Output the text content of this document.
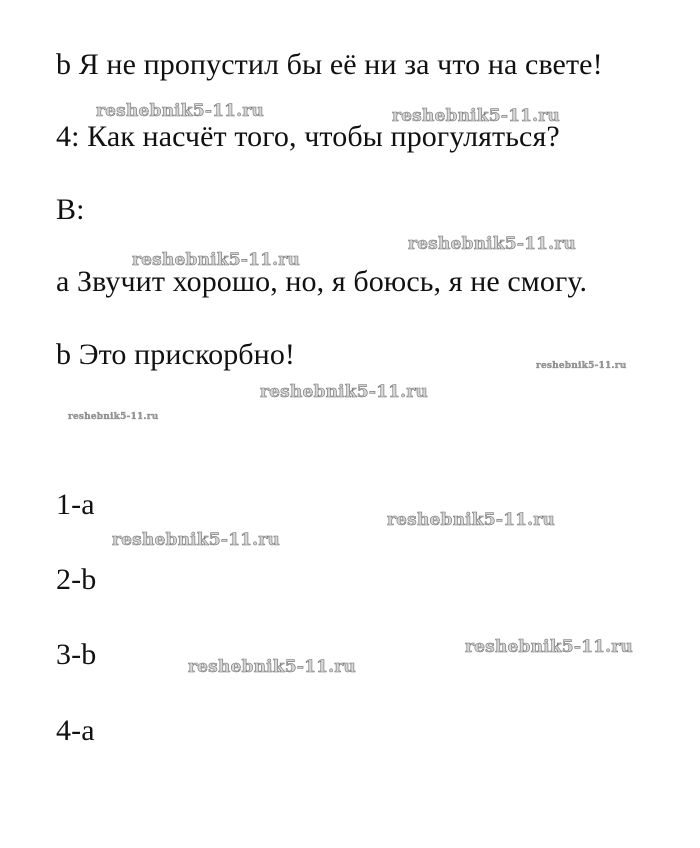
b Я не пропустил бы её ни за что на свете!
4: Как насчёт того, чтобы прогуляться?
B:
a Звучит хорошо, но, я боюсь, я не смогу.
b Это прискорбно!
1-a
2-b
3-b
4-a
reshebnik5-11.ru	reshebnik5-11.ru
reshebnik5-11.ru
reshebnik5-11.ru
reshebnik5-11.ru
reshebnik5-11.ru
reshebnik5-11.ru
reshebnik5-11.ru
reshebnik5-11.ru
reshebnik5-11.ru
reshebnik5-11.ru
